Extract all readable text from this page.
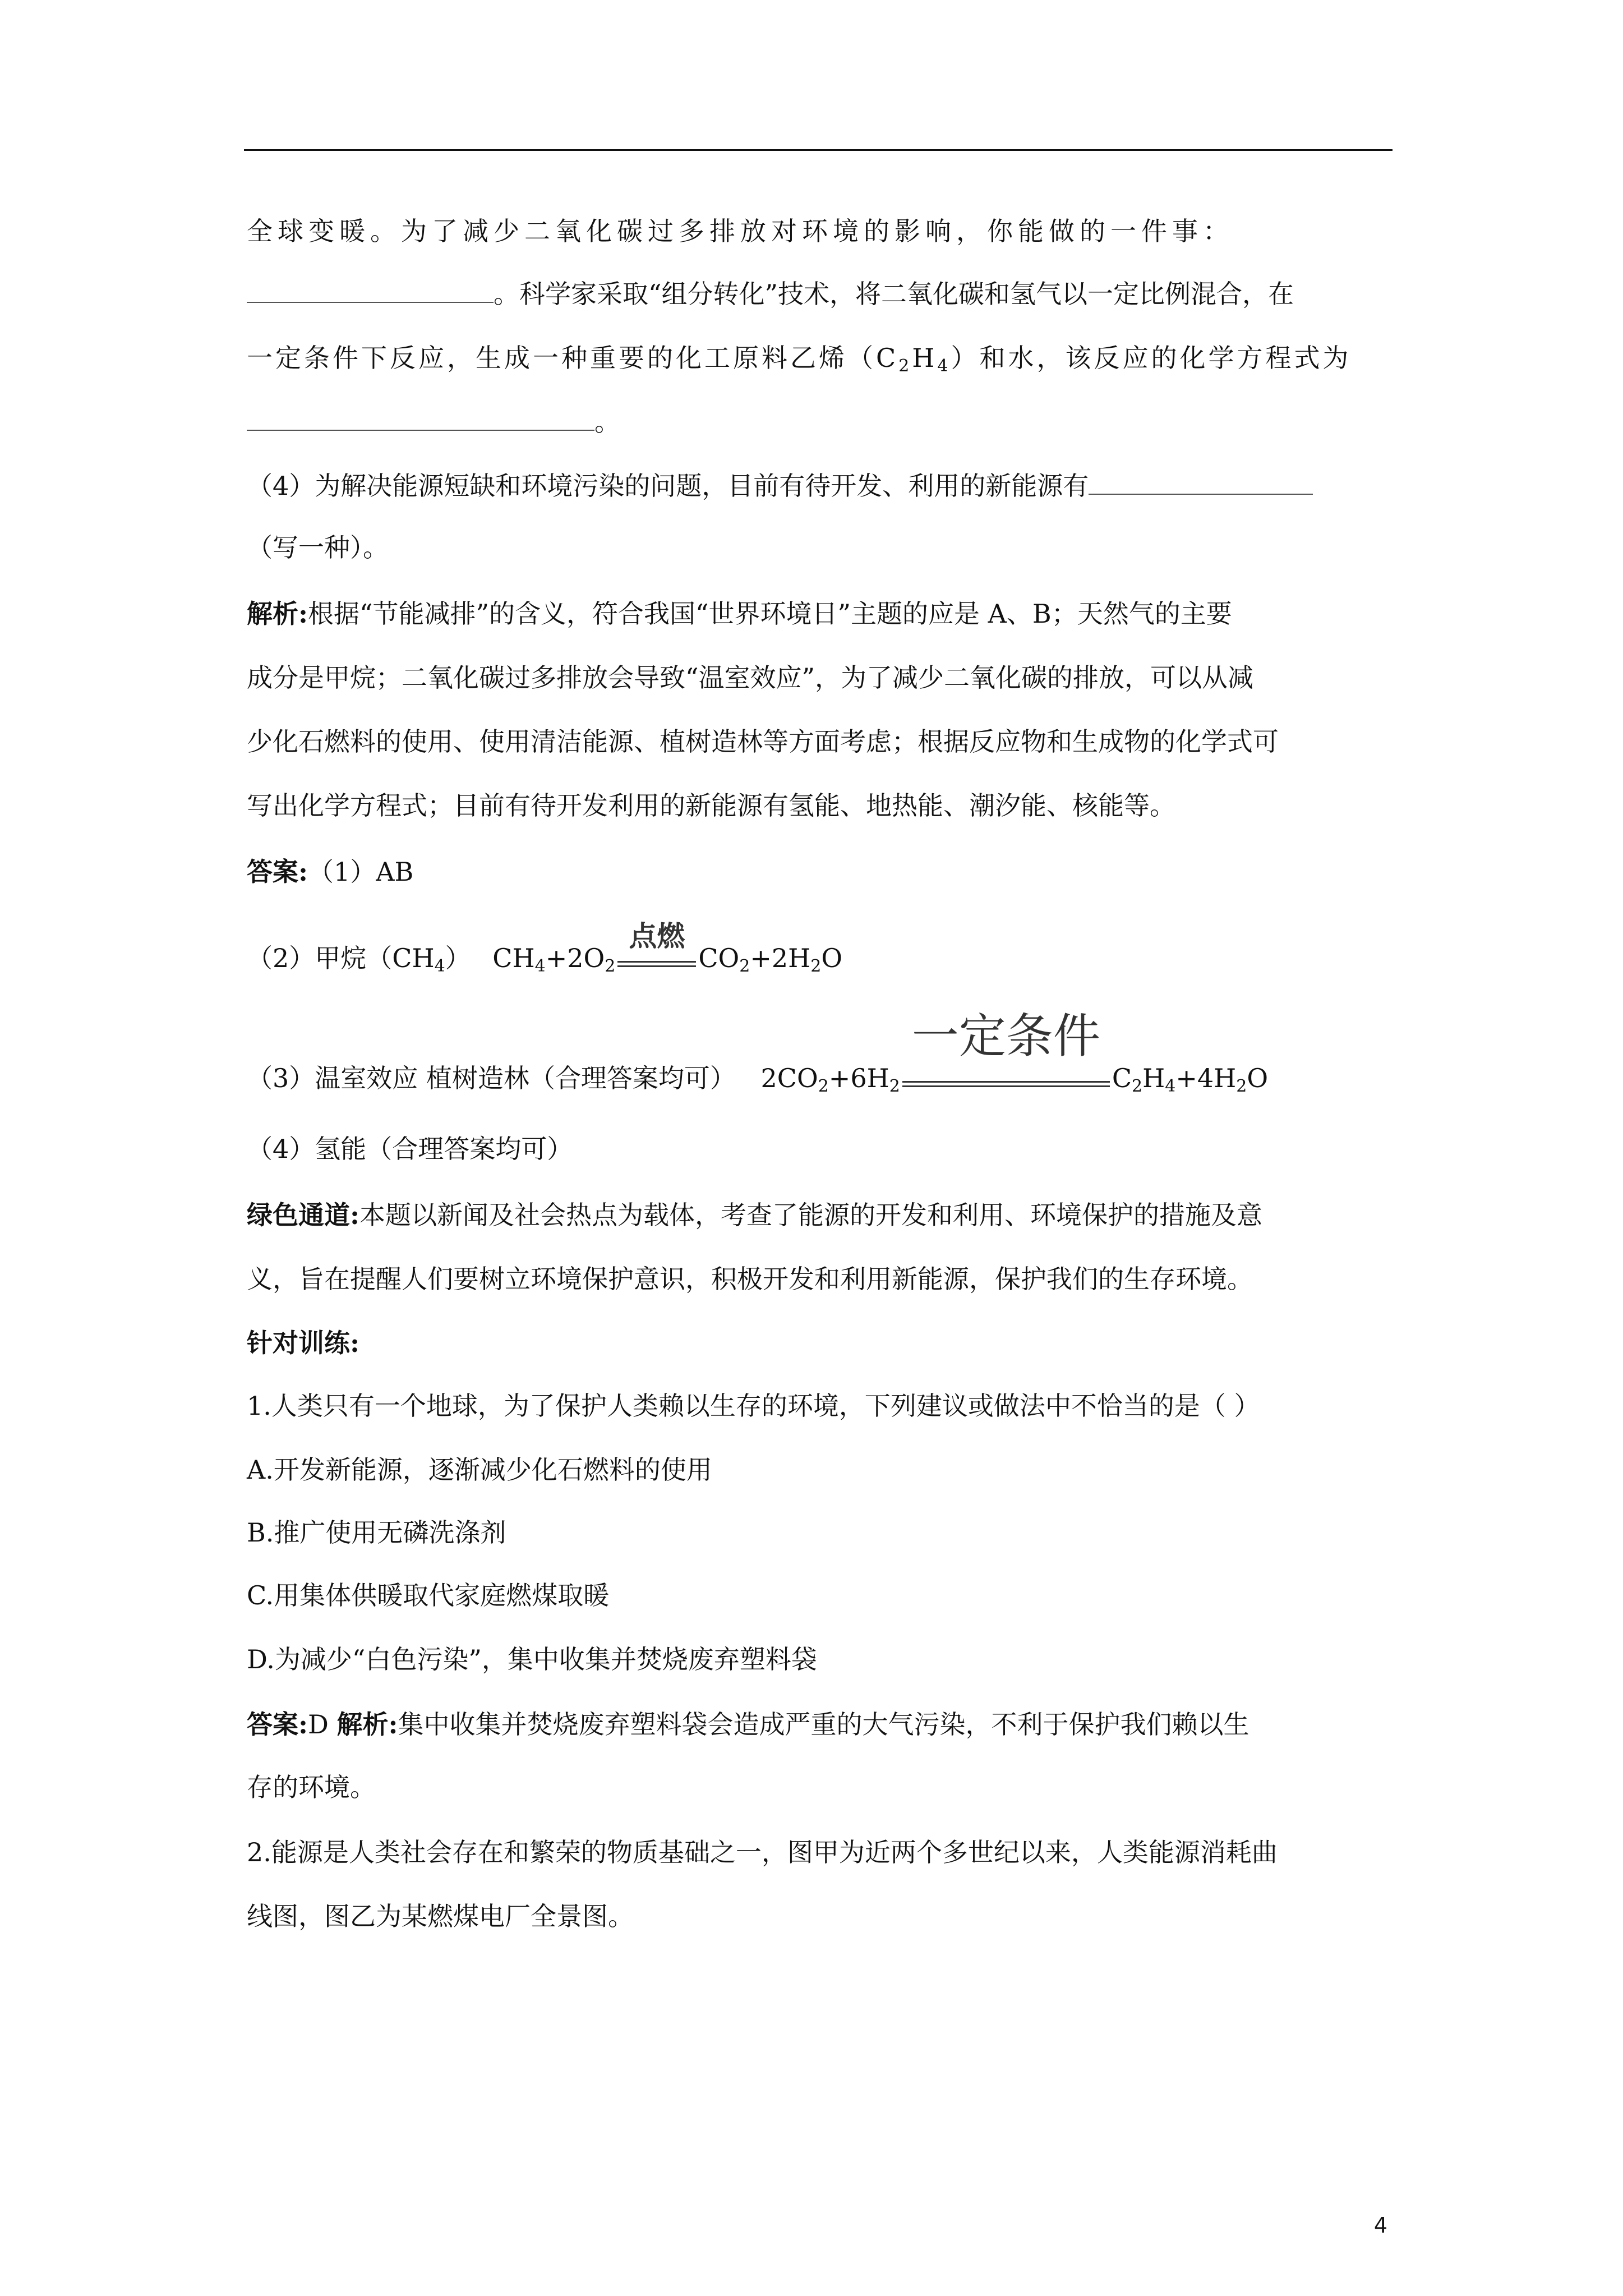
全球变暖。为了减少二氧化碳过多排放对环境的影响，你能做的一件事：
。科学家采取“组分转化”技术，将二氧化碳和氢气以一定比例混合，在
一定条件下反应，生成一种重要的化工原料乙烯$(C_2H_4)$和水，该反应的化学方程式为
。
（4）为解决能源短缺和环境污染的问题，目前有待开发、利用的新能源有
（写一种）。
解析:根据“节能减排”的含义，符合我国“世界环境日”主题的应是 A、B；天然气的主要
成分是甲烷；二氧化碳过多排放会导致“温室效应”，为了减少二氧化碳的排放，可以从减
少化石燃料的使用、使用清洁能源、植树造林等方面考虑；根据反应物和生成物的化学式可
写出化学方程式；目前有待开发利用的新能源有氢能、地热能、潮汐能、核能等。
答案:（1）AB
（2）甲烷$(CH_4)$ $CH_4+2O_2$
点燃
$CO_2+2H_2O$
（3）温室效应 植树造林（合理答案均可） $2CO_2+6H_2$
一定条件
$C_2H_4+4H_2O$
（4）氢能（合理答案均可）
绿色通道:本题以新闻及社会热点为载体，考查了能源的开发和利用、环境保护的措施及意
义，旨在提醒人们要树立环境保护意识，积极开发和利用新能源，保护我们的生存环境。
针对训练:
1.人类只有一个地球，为了保护人类赖以生存的环境，下列建议或做法中不恰当的是（ ）
A.开发新能源，逐渐减少化石燃料的使用
B.推广使用无磷洗涤剂
C.用集体供暖取代家庭燃煤取暖
D.为减少“白色污染”，集中收集并焚烧废弃塑料袋
答案:D 解析:集中收集并焚烧废弃塑料袋会造成严重的大气污染，不利于保护我们赖以生
存的环境。
2.能源是人类社会存在和繁荣的物质基础之一，图甲为近两个多世纪以来，人类能源消耗曲
线图，图乙为某燃煤电厂全景图。
4
